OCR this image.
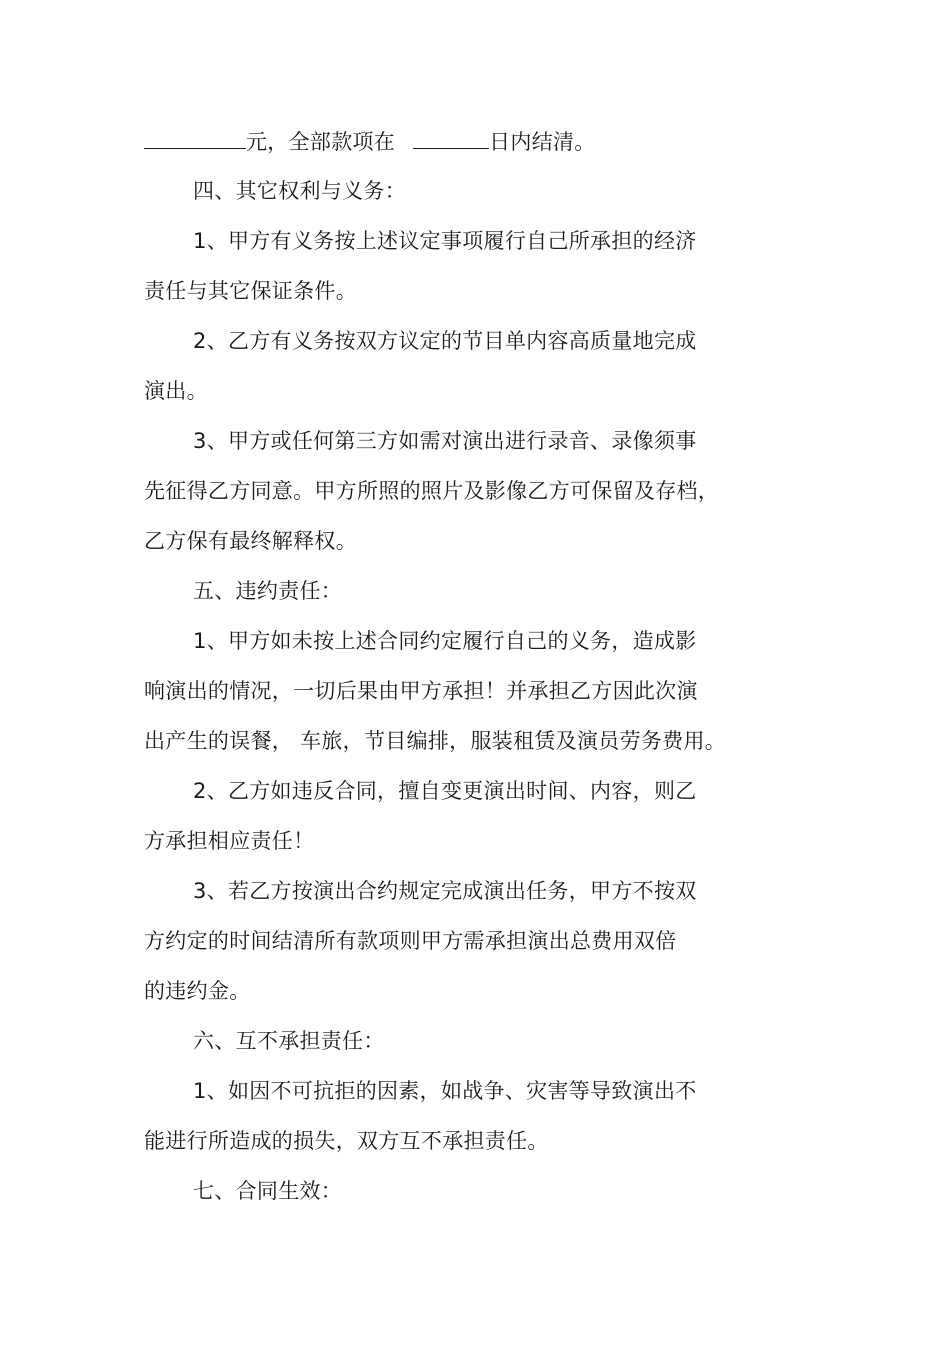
元，全部款项在	日内结清。
四、其它权利与义务：
1、甲方有义务按上述议定事项履行自己所承担的经济
责任与其它保证条件。
2、乙方有义务按双方议定的节目单内容高质量地完成
演出。
3、甲方或任何第三方如需对演出进行录音、录像须事
先征得乙方同意。甲方所照的照片及影像乙方可保留及存档，
乙方保有最终解释权。
五、违约责任：
1、甲方如未按上述合同约定履行自己的义务，造成影
响演出的情况，一切后果由甲方承担！并承担乙方因此次演
出产生的误餐， 车旅，节目编排，服装租赁及演员劳务费用。
2、乙方如违反合同，擅自变更演出时间、内容，则乙
方承担相应责任！
3、若乙方按演出合约规定完成演出任务，甲方不按双
方约定的时间结清所有款项则甲方需承担演出总费用双倍
的违约金。
六、互不承担责任：
1、如因不可抗拒的因素，如战争、灾害等导致演出不
能进行所造成的损失，双方互不承担责任。
七、合同生效：
